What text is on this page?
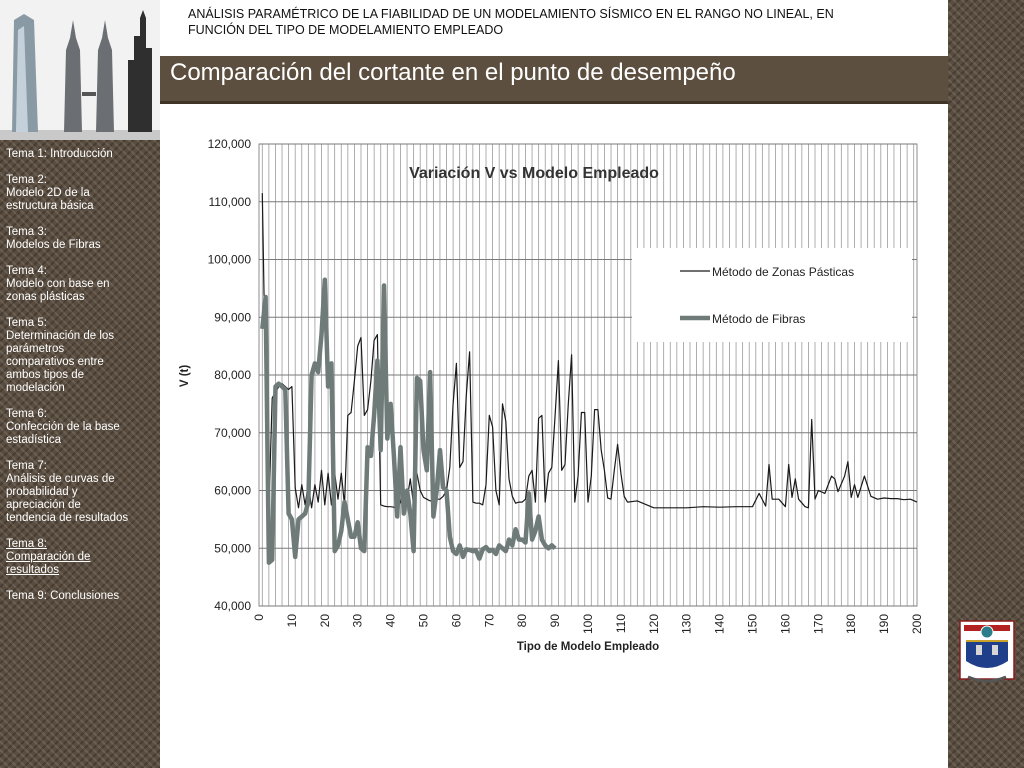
Tema 1: Introducción
Tema 2:
Modelo 2D de la
estructura básica
Tema 3:
Modelos de Fibras
Tema 4:
Modelo con base en
zonas plásticas
Tema 5:
Determinación de los
parámetros
comparativos entre
ambos tipos de
modelación
Tema 6:
Confección de la base
estadística
Tema 7:
Análisis de curvas de
probabilidad y
apreciación de
tendencia de resultados
Tema 8:
Comparación de
resultados
Tema 9: Conclusiones
ANÁLISIS PARAMÉTRICO DE LA FIABILIDAD DE UN MODELAMIENTO SÍSMICO EN EL RANGO NO LINEAL, EN
FUNCIÓN DEL TIPO DE MODELAMIENTO EMPLEADO
Comparación del cortante en el punto de desempeño
40,000
50,000
60,000
70,000
80,000
90,000
100,000
110,000
120,000
0 10 20 30 40 50 60 70 80 90 100 110 120 130 140 150 160 170 180 190 200
Variación V vs Modelo Empleado
V (t)
Tipo de Modelo Empleado
Método de Zonas Pásticas
Método de Fibras
